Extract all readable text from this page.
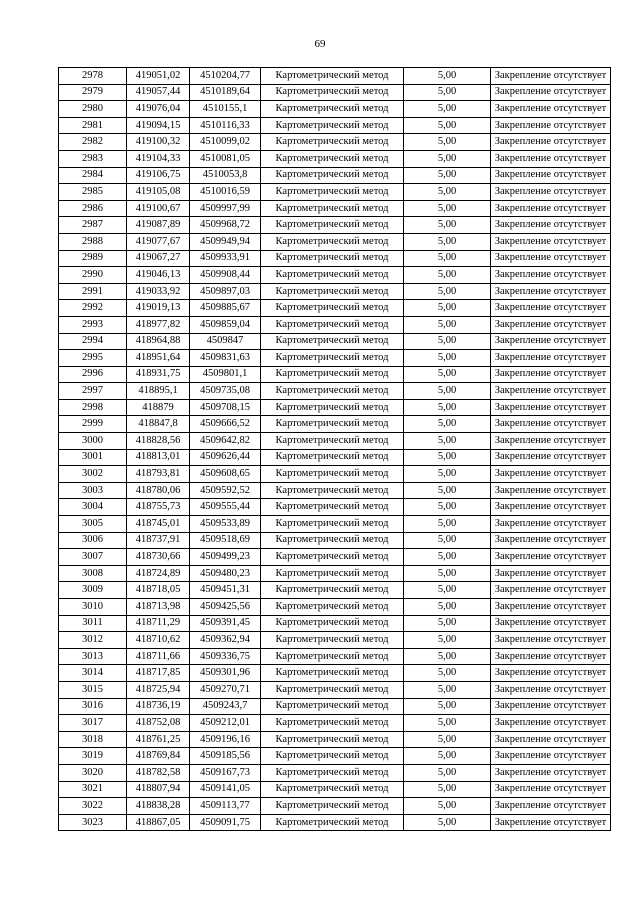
69
2978	419051,02	4510204,77	Картометрический метод	5,00	Закрепление отсутствует
2979	419057,44	4510189,64	Картометрический метод	5,00	Закрепление отсутствует
2980	419076,04	4510155,1	Картометрический метод	5,00	Закрепление отсутствует
2981	419094,15	4510116,33	Картометрический метод	5,00	Закрепление отсутствует
2982	419100,32	4510099,02	Картометрический метод	5,00	Закрепление отсутствует
2983	419104,33	4510081,05	Картометрический метод	5,00	Закрепление отсутствует
2984	419106,75	4510053,8	Картометрический метод	5,00	Закрепление отсутствует
2985	419105,08	4510016,59	Картометрический метод	5,00	Закрепление отсутствует
2986	419100,67	4509997,99	Картометрический метод	5,00	Закрепление отсутствует
2987	419087,89	4509968,72	Картометрический метод	5,00	Закрепление отсутствует
2988	419077,67	4509949,94	Картометрический метод	5,00	Закрепление отсутствует
2989	419067,27	4509933,91	Картометрический метод	5,00	Закрепление отсутствует
2990	419046,13	4509908,44	Картометрический метод	5,00	Закрепление отсутствует
2991	419033,92	4509897,03	Картометрический метод	5,00	Закрепление отсутствует
2992	419019,13	4509885,67	Картометрический метод	5,00	Закрепление отсутствует
2993	418977,82	4509859,04	Картометрический метод	5,00	Закрепление отсутствует
2994	418964,88	4509847	Картометрический метод	5,00	Закрепление отсутствует
2995	418951,64	4509831,63	Картометрический метод	5,00	Закрепление отсутствует
2996	418931,75	4509801,1	Картометрический метод	5,00	Закрепление отсутствует
2997	418895,1	4509735,08	Картометрический метод	5,00	Закрепление отсутствует
2998	418879	4509708,15	Картометрический метод	5,00	Закрепление отсутствует
2999	418847,8	4509666,52	Картометрический метод	5,00	Закрепление отсутствует
3000	418828,56	4509642,82	Картометрический метод	5,00	Закрепление отсутствует
3001	418813,01	4509626,44	Картометрический метод	5,00	Закрепление отсутствует
3002	418793,81	4509608,65	Картометрический метод	5,00	Закрепление отсутствует
3003	418780,06	4509592,52	Картометрический метод	5,00	Закрепление отсутствует
3004	418755,73	4509555,44	Картометрический метод	5,00	Закрепление отсутствует
3005	418745,01	4509533,89	Картометрический метод	5,00	Закрепление отсутствует
3006	418737,91	4509518,69	Картометрический метод	5,00	Закрепление отсутствует
3007	418730,66	4509499,23	Картометрический метод	5,00	Закрепление отсутствует
3008	418724,89	4509480,23	Картометрический метод	5,00	Закрепление отсутствует
3009	418718,05	4509451,31	Картометрический метод	5,00	Закрепление отсутствует
3010	418713,98	4509425,56	Картометрический метод	5,00	Закрепление отсутствует
3011	418711,29	4509391,45	Картометрический метод	5,00	Закрепление отсутствует
3012	418710,62	4509362,94	Картометрический метод	5,00	Закрепление отсутствует
3013	418711,66	4509336,75	Картометрический метод	5,00	Закрепление отсутствует
3014	418717,85	4509301,96	Картометрический метод	5,00	Закрепление отсутствует
3015	418725,94	4509270,71	Картометрический метод	5,00	Закрепление отсутствует
3016	418736,19	4509243,7	Картометрический метод	5,00	Закрепление отсутствует
3017	418752,08	4509212,01	Картометрический метод	5,00	Закрепление отсутствует
3018	418761,25	4509196,16	Картометрический метод	5,00	Закрепление отсутствует
3019	418769,84	4509185,56	Картометрический метод	5,00	Закрепление отсутствует
3020	418782,58	4509167,73	Картометрический метод	5,00	Закрепление отсутствует
3021	418807,94	4509141,05	Картометрический метод	5,00	Закрепление отсутствует
3022	418838,28	4509113,77	Картометрический метод	5,00	Закрепление отсутствует
3023	418867,05	4509091,75	Картометрический метод	5,00	Закрепление отсутствует
